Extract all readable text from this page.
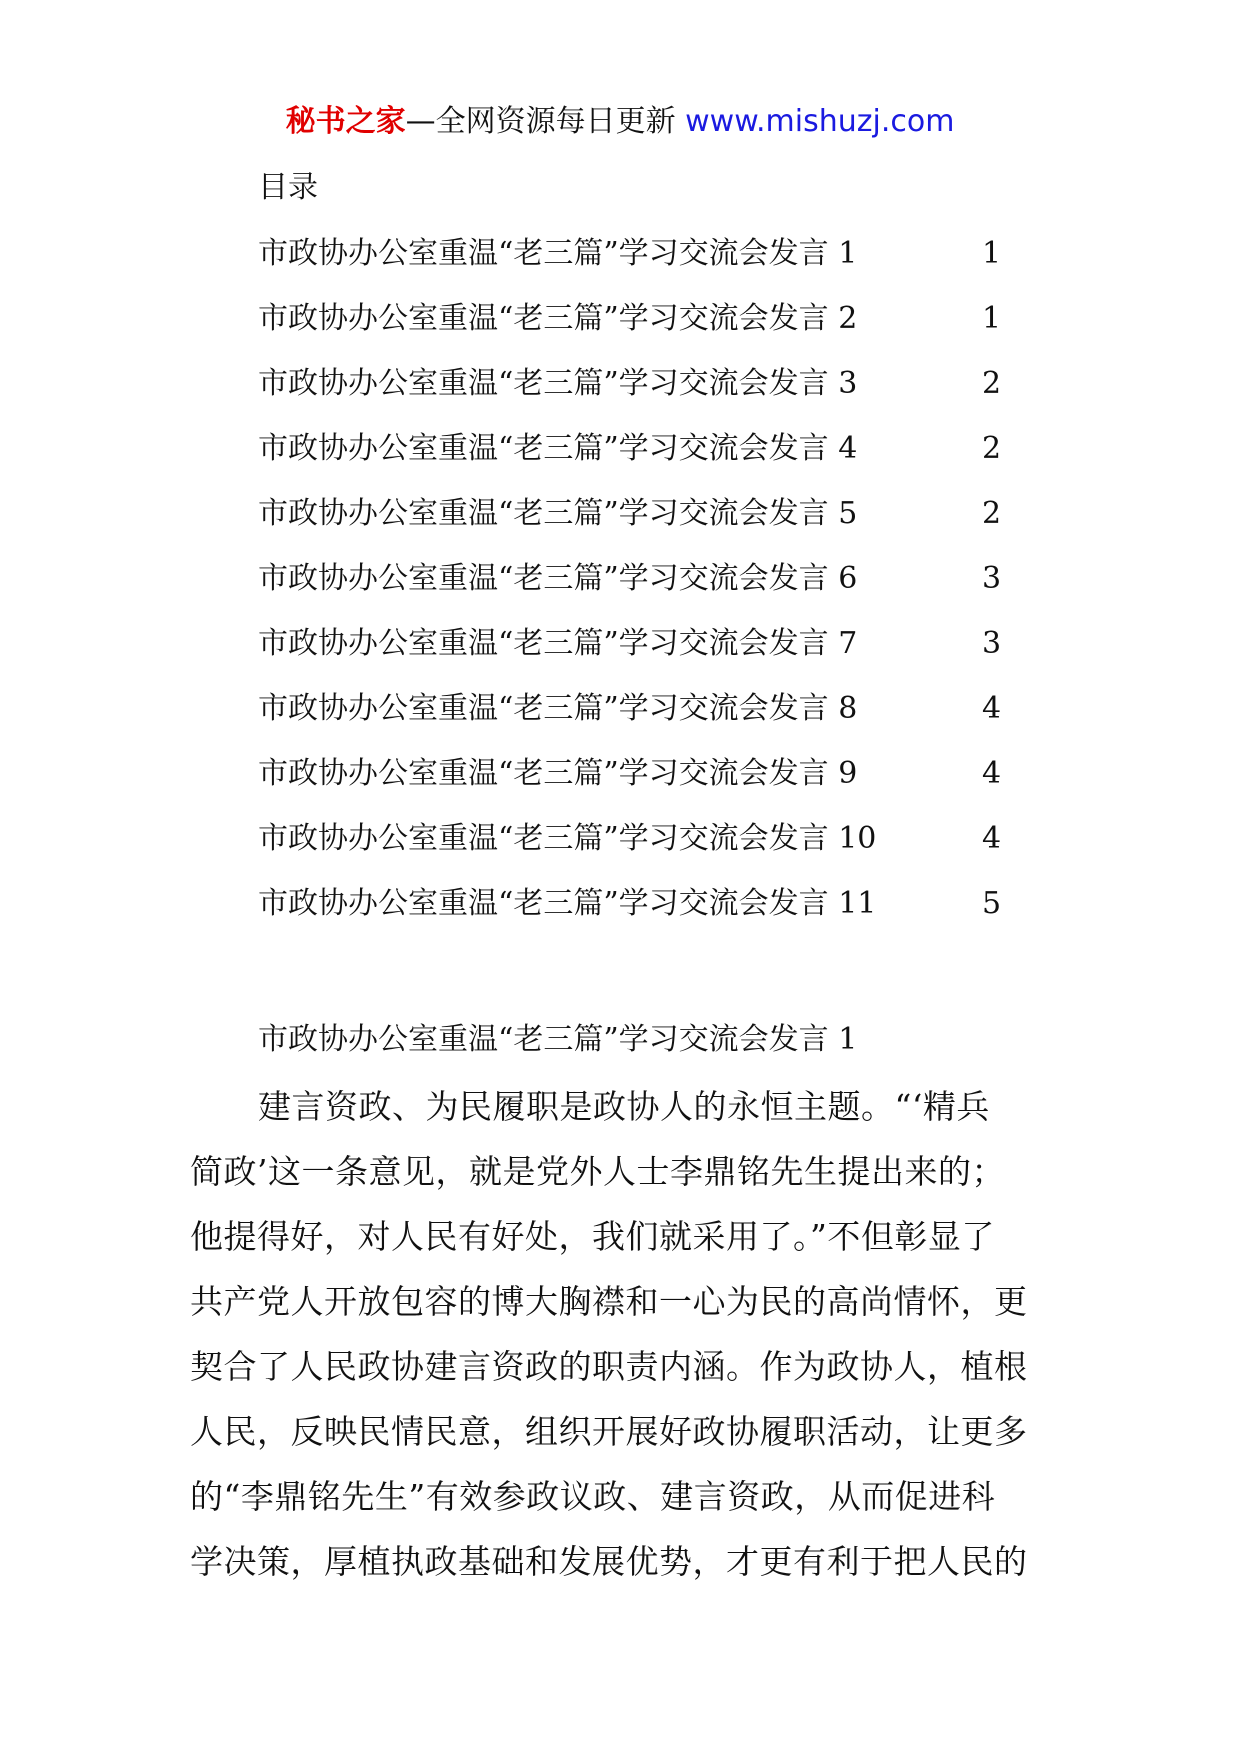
秘书之家—全网资源每日更新 www.mishuzj.com
目录
市政协办公室重温“老三篇”学习交流会发言 1	1
市政协办公室重温“老三篇”学习交流会发言 2	1
市政协办公室重温“老三篇”学习交流会发言 3	2
市政协办公室重温“老三篇”学习交流会发言 4	2
市政协办公室重温“老三篇”学习交流会发言 5	2
市政协办公室重温“老三篇”学习交流会发言 6	3
市政协办公室重温“老三篇”学习交流会发言 7	3
市政协办公室重温“老三篇”学习交流会发言 8	4
市政协办公室重温“老三篇”学习交流会发言 9	4
市政协办公室重温“老三篇”学习交流会发言 10	4
市政协办公室重温“老三篇”学习交流会发言 11	5
市政协办公室重温“老三篇”学习交流会发言 1
建言资政、为民履职是政协人的永恒主题。“‘精兵
简政’这一条意见，就是党外人士李鼎铭先生提出来的；
他提得好，对人民有好处，我们就采用了。”不但彰显了
共产党人开放包容的博大胸襟和一心为民的高尚情怀，更
契合了人民政协建言资政的职责内涵。作为政协人，植根
人民，反映民情民意，组织开展好政协履职活动，让更多
的“李鼎铭先生”有效参政议政、建言资政，从而促进科
学决策，厚植执政基础和发展优势，才更有利于把人民的
